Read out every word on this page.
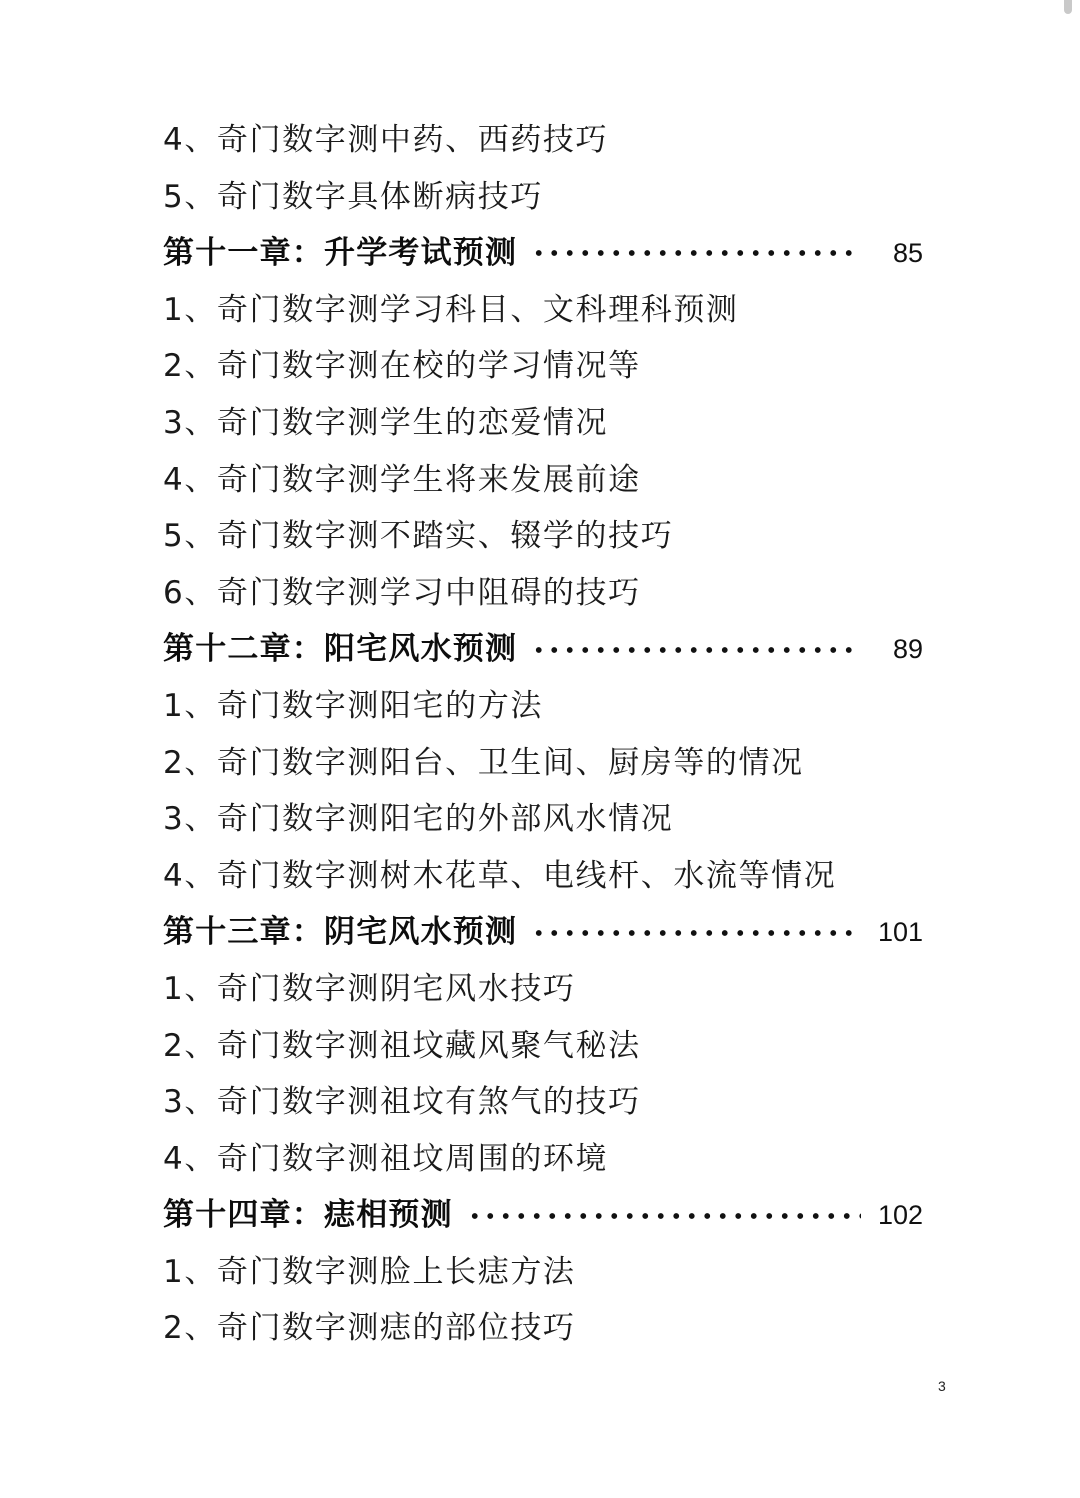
4、奇门数字测中药、西药技巧
5、奇门数字具体断病技巧
第十一章：升学考试预测	85
1、奇门数字测学习科目、文科理科预测
2、奇门数字测在校的学习情况等
3、奇门数字测学生的恋爱情况
4、奇门数字测学生将来发展前途
5、奇门数字测不踏实、辍学的技巧
6、奇门数字测学习中阻碍的技巧
第十二章：阳宅风水预测	89
1、奇门数字测阳宅的方法
2、奇门数字测阳台、卫生间、厨房等的情况
3、奇门数字测阳宅的外部风水情况
4、奇门数字测树木花草、电线杆、水流等情况
第十三章：阴宅风水预测	101
1、奇门数字测阴宅风水技巧
2、奇门数字测祖坟藏风聚气秘法
3、奇门数字测祖坟有煞气的技巧
4、奇门数字测祖坟周围的环境
第十四章：痣相预测	102
1、奇门数字测脸上长痣方法
2、奇门数字测痣的部位技巧
3
